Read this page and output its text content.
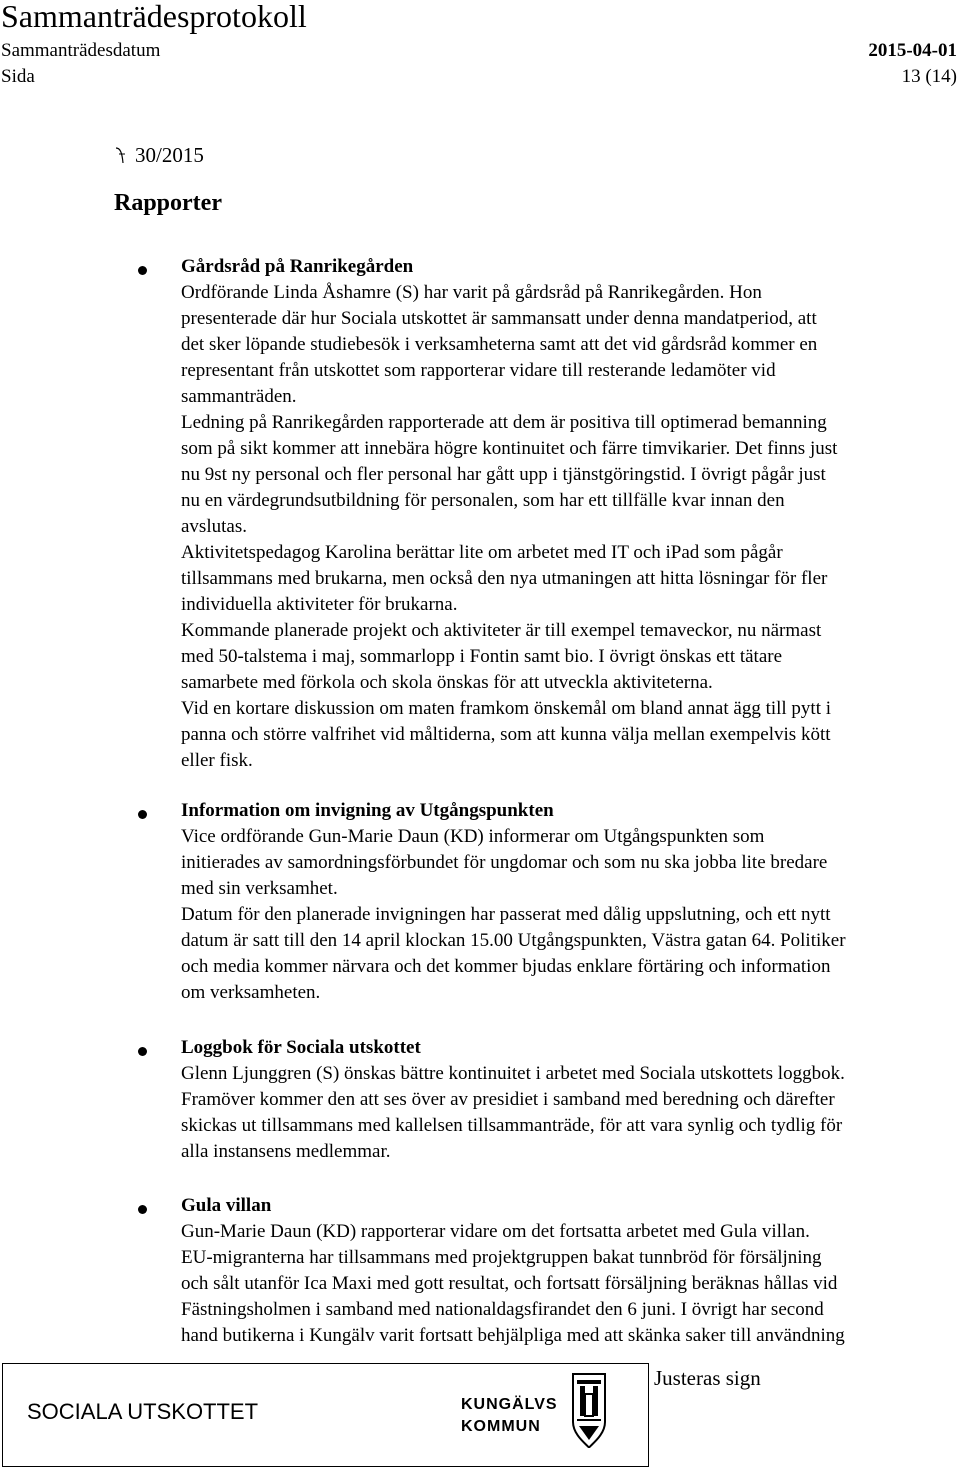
Sammanträdesprotokoll
Sammanträdesdatum	2015-04-01
Sida	13 (14)
30/2015
Rapporter
Gårdsråd på Ranrikegården
Ordförande Linda Åshamre (S) har varit på gårdsråd på Ranrikegården. Hon
presenterade där hur Sociala utskottet är sammansatt under denna mandatperiod, att
det sker löpande studiebesök i verksamheterna samt att det vid gårdsråd kommer en
representant från utskottet som rapporterar vidare till resterande ledamöter vid
sammanträden.
Ledning på Ranrikegården rapporterade att dem är positiva till optimerad bemanning
som på sikt kommer att innebära högre kontinuitet och färre timvikarier. Det finns just
nu 9st ny personal och fler personal har gått upp i tjänstgöringstid. I övrigt pågår just
nu en värdegrundsutbildning för personalen, som har ett tillfälle kvar innan den
avslutas.
Aktivitetspedagog Karolina berättar lite om arbetet med IT och iPad som pågår
tillsammans med brukarna, men också den nya utmaningen att hitta lösningar för fler
individuella aktiviteter för brukarna.
Kommande planerade projekt och aktiviteter är till exempel temaveckor, nu närmast
med 50-talstema i maj, sommarlopp i Fontin samt bio. I övrigt önskas ett tätare
samarbete med förkola och skola önskas för att utveckla aktiviteterna.
Vid en kortare diskussion om maten framkom önskemål om bland annat ägg till pytt i
panna och större valfrihet vid måltiderna, som att kunna välja mellan exempelvis kött
eller fisk.
Information om invigning av Utgångspunkten
Vice ordförande Gun-Marie Daun (KD) informerar om Utgångspunkten som
initierades av samordningsförbundet för ungdomar och som nu ska jobba lite bredare
med sin verksamhet.
Datum för den planerade invigningen har passerat med dålig uppslutning, och ett nytt
datum är satt till den 14 april klockan 15.00 Utgångspunkten, Västra gatan 64. Politiker
och media kommer närvara och det kommer bjudas enklare förtäring och information
om verksamheten.
Loggbok för Sociala utskottet
Glenn Ljunggren (S) önskas bättre kontinuitet i arbetet med Sociala utskottets loggbok.
Framöver kommer den att ses över av presidiet i samband med beredning och därefter
skickas ut tillsammans med kallelsen tillsammanträde, för att vara synlig och tydlig för
alla instansens medlemmar.
Gula villan
Gun-Marie Daun (KD) rapporterar vidare om det fortsatta arbetet med Gula villan.
EU-migranterna har tillsammans med projektgruppen bakat tunnbröd för försäljning
och sålt utanför Ica Maxi med gott resultat, och fortsatt försäljning beräknas hållas vid
Fästningsholmen i samband med nationaldagsfirandet den 6 juni. I övrigt har second
hand butikerna i Kungälv varit fortsatt behjälpliga med att skänka saker till användning
SOCIALA UTSKOTTET	KUNGÄLVS
KOMMUN
Justeras sign
